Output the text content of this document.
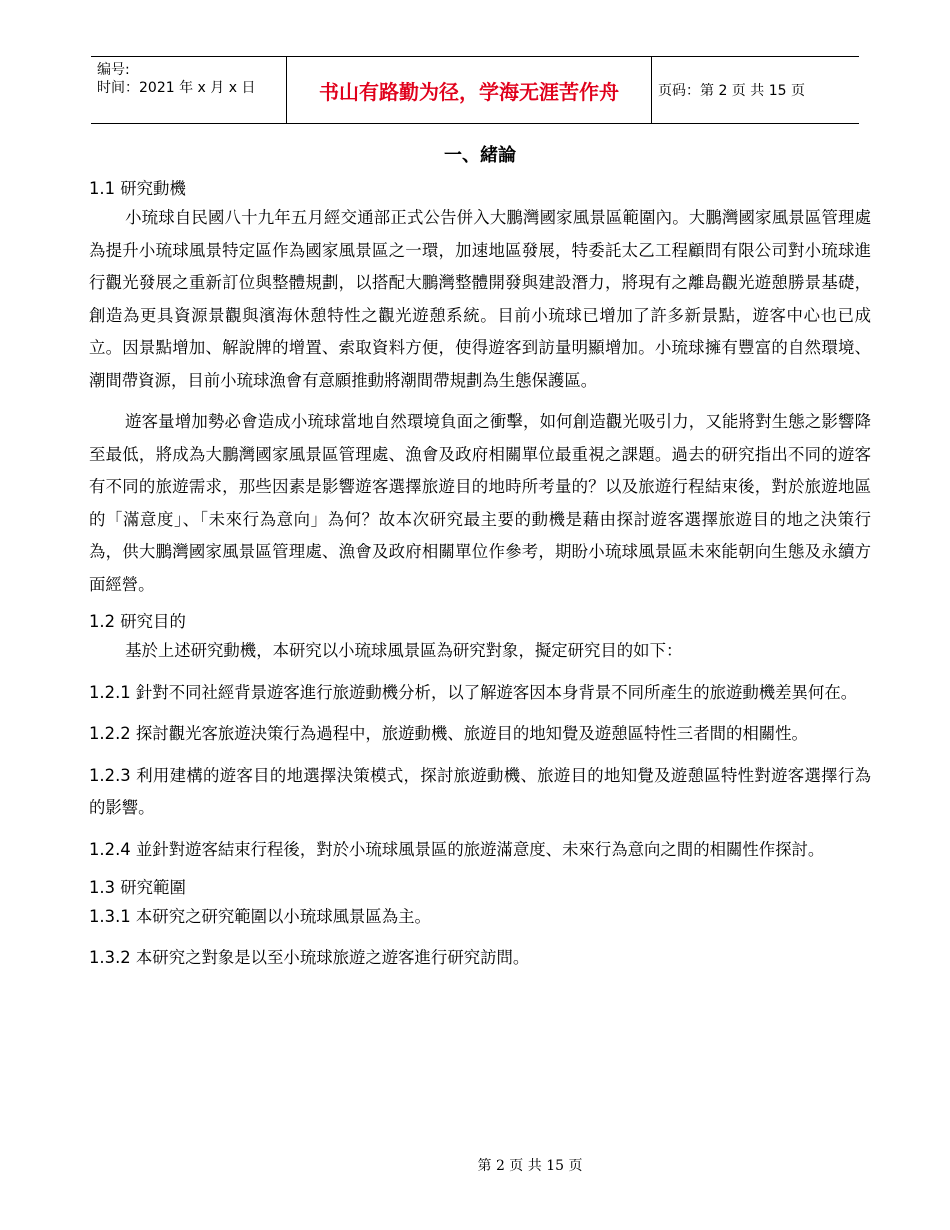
编号:
时间：2021 年 x 月 x 日	书山有路勤为径，学海无涯苦作舟	页码：第 2 页 共 15 页
一、緒論
1.1 研究動機

小琉球自民國八十九年五月經交通部正式公告併入大鵬灣國家風景區範圍內。大鵬灣國家風景區管理處為提升小琉球風景特定區作為國家風景區之一環，加速地區發展，特委託太乙工程顧問有限公司對小琉球進行觀光發展之重新訂位與整體規劃，以搭配大鵬灣整體開發與建設潛力，將現有之離島觀光遊憩勝景基礎，創造為更具資源景觀與濱海休憩特性之觀光遊憩系統。目前小琉球已增加了許多新景點，遊客中心也已成立。因景點增加、解說牌的增置、索取資料方便，使得遊客到訪量明顯增加。小琉球擁有豐富的自然環境、潮間帶資源，目前小琉球漁會有意願推動將潮間帶規劃為生態保護區。

遊客量增加勢必會造成小琉球當地自然環境負面之衝擊，如何創造觀光吸引力，又能將對生態之影響降至最低，將成為大鵬灣國家風景區管理處、漁會及政府相關單位最重視之課題。過去的研究指出不同的遊客有不同的旅遊需求，那些因素是影響遊客選擇旅遊目的地時所考量的？以及旅遊行程結束後，對於旅遊地區的「滿意度」、「未來行為意向」為何？故本次研究最主要的動機是藉由探討遊客選擇旅遊目的地之決策行為，供大鵬灣國家風景區管理處、漁會及政府相關單位作參考，期盼小琉球風景區未來能朝向生態及永續方面經營。

1.2 研究目的

基於上述研究動機，本研究以小琉球風景區為研究對象，擬定研究目的如下：

1.2.1 針對不同社經背景遊客進行旅遊動機分析，以了解遊客因本身背景不同所產生的旅遊動機差異何在。

1.2.2 探討觀光客旅遊決策行為過程中，旅遊動機、旅遊目的地知覺及遊憩區特性三者間的相關性。

1.2.3 利用建構的遊客目的地選擇決策模式，探討旅遊動機、旅遊目的地知覺及遊憩區特性對遊客選擇行為的影響。

1.2.4 並針對遊客結束行程後，對於小琉球風景區的旅遊滿意度、未來行為意向之間的相關性作探討。

1.3 研究範圍

1.3.1 本研究之研究範圍以小琉球風景區為主。

1.3.2 本研究之對象是以至小琉球旅遊之遊客進行研究訪問。

第 2 页 共 15 页
